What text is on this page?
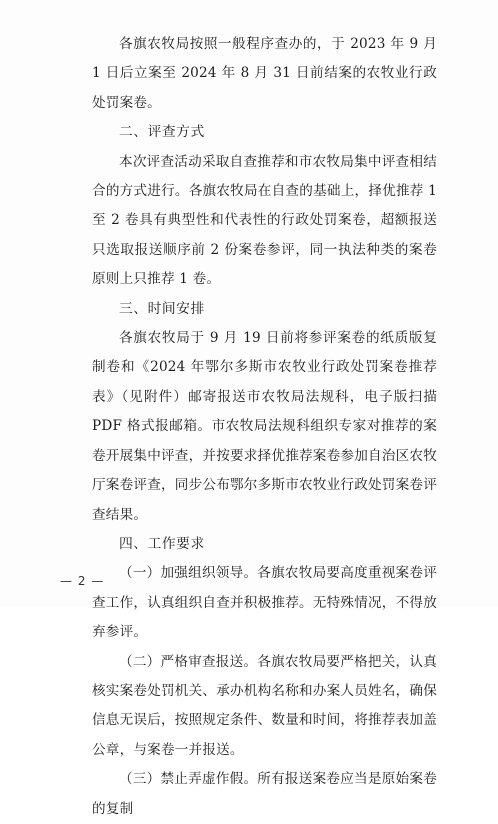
各旗农牧局按照一般程序查办的，于 2023 年 9 月 1 日后立案至 2024 年 8 月 31 日前结案的农牧业行政处罚案卷。

二、评查方式

本次评查活动采取自查推荐和市农牧局集中评查相结合的方式进行。各旗农牧局在自查的基础上，择优推荐 1 至 2 卷具有典型性和代表性的行政处罚案卷，超额报送只选取报送顺序前 2 份案卷参评，同一执法种类的案卷原则上只推荐 1 卷。

三、时间安排

各旗农牧局于 9 月 19 日前将参评案卷的纸质版复制卷和《2024 年鄂尔多斯市农牧业行政处罚案卷推荐表》（见附件）邮寄报送市农牧局法规科，电子版扫描 PDF 格式报邮箱。市农牧局法规科组织专家对推荐的案卷开展集中评查，并按要求择优推荐案卷参加自治区农牧厅案卷评查，同步公布鄂尔多斯市农牧业行政处罚案卷评查结果。

四、工作要求

（一）加强组织领导。各旗农牧局要高度重视案卷评查工作，认真组织自查并积极推荐。无特殊情况，不得放弃参评。

（二）严格审查报送。各旗农牧局要严格把关，认真核实案卷处罚机关、承办机构名称和办案人员姓名，确保信息无误后，按照规定条件、数量和时间，将推荐表加盖公章，与案卷一并报送。

（三）禁止弄虚作假。所有报送案卷应当是原始案卷的复制

— 2 —
